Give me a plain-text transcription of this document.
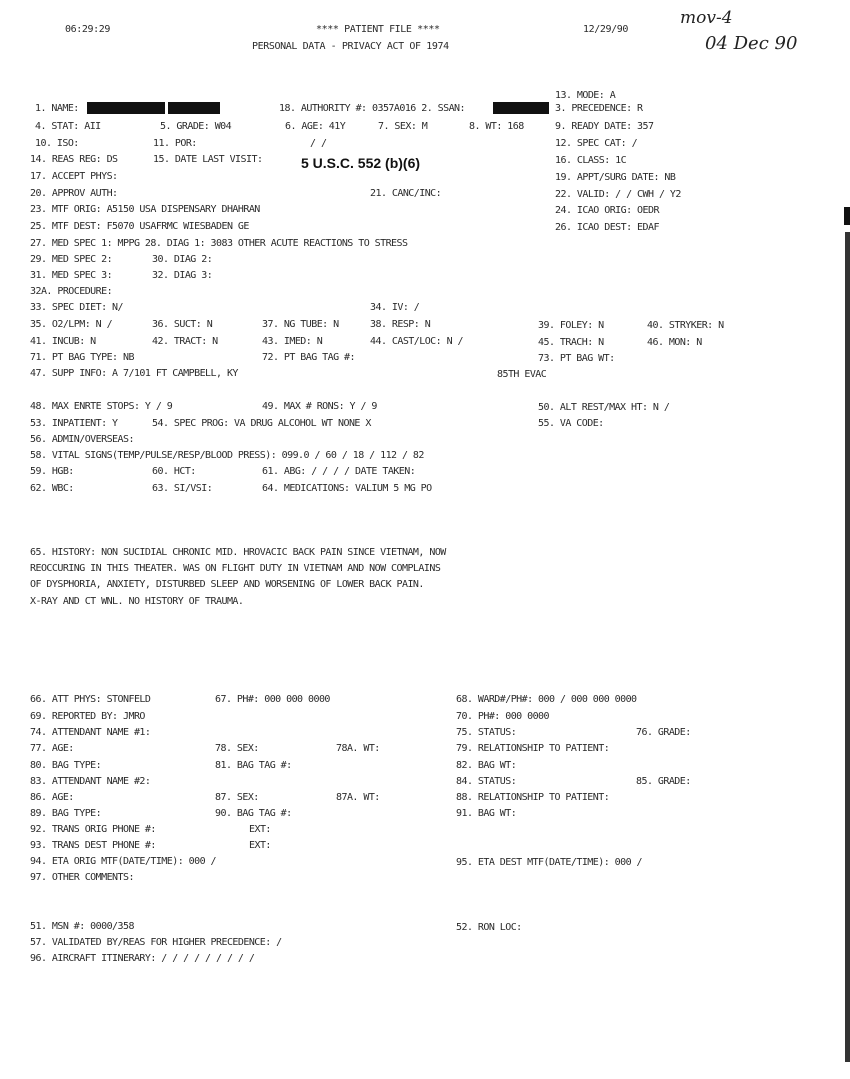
06:29:29	**** PATIENT FILE ****
PERSONAL DATA - PRIVACY ACT OF 1974
12/29/90
mov-4
04 Dec 90
13. MODE: A
1. NAME:	18. AUTHORITY #: 0357A016 2. SSAN:	3. PRECEDENCE: R
4. STAT: AII	5. GRADE: W04	6. AGE: 41Y	7. SEX: M	8. WT: 168	9. READY DATE: 357
10. ISO:	11. POR:	/ /	12. SPEC CAT: /
14. REAS REG: DS	15. DATE LAST VISIT:	5 U.S.C. 552 (b)(6)	16. CLASS: 1C
17. ACCEPT PHYS:	19. APPT/SURG DATE: NB
20. APPROV AUTH:	21. CANC/INC:	22. VALID: / / CWH / Y2
23. MTF ORIG: A5150 USA DISPENSARY DHAHRAN	24. ICAO ORIG: OEDR
25. MTF DEST: F5070 USAFRMC WIESBADEN GE	26. ICAO DEST: EDAF
27. MED SPEC 1: MPPG 28. DIAG 1: 3083 OTHER ACUTE REACTIONS TO STRESS
29. MED SPEC 2:	30. DIAG 2:
31. MED SPEC 3:	32. DIAG 3:
32A. PROCEDURE:
33. SPEC DIET: N/	34. IV: /
35. O2/LPM: N /	36. SUCT: N	37. NG TUBE: N	38. RESP: N	39. FOLEY: N	40. STRYKER: N
41. INCUB: N	42. TRACT: N	43. IMED: N	44. CAST/LOC: N /	45. TRACH: N	46. MON: N
71. PT BAG TYPE: NB	72. PT BAG TAG #:	73. PT BAG WT:
47. SUPP INFO: A 7/101 FT CAMPBELL, KY	85TH EVAC
48. MAX ENRTE STOPS: Y / 9	49. MAX # RONS: Y / 9	50. ALT REST/MAX HT: N /
53. INPATIENT: Y	54. SPEC PROG: VA DRUG ALCOHOL WT NONE X	55. VA CODE:
56. ADMIN/OVERSEAS:
58. VITAL SIGNS(TEMP/PULSE/RESP/BLOOD PRESS): 099.0 / 60 / 18 / 112 / 82
59. HGB:	60. HCT:	61. ABG: / / / / DATE TAKEN:
62. WBC:	63. SI/VSI:	64. MEDICATIONS: VALIUM 5 MG PO
65. HISTORY: NON SUCIDIAL CHRONIC MID. HROVACIC BACK PAIN SINCE VIETNAM, NOW
REOCCURING IN THIS THEATER. WAS ON FLIGHT DUTY IN VIETNAM AND NOW COMPLAINS
OF DYSPHORIA, ANXIETY, DISTURBED SLEEP AND WORSENING OF LOWER BACK PAIN.
X-RAY AND CT WNL. NO HISTORY OF TRAUMA.
66. ATT PHYS: STONFELD	67. PH#: 000 000 0000	68. WARD#/PH#: 000 / 000 000 0000
69. REPORTED BY: JMRO	70. PH#: 000 0000
74. ATTENDANT NAME #1:	75. STATUS:	76. GRADE:
77. AGE:	78. SEX:	78A. WT:	79. RELATIONSHIP TO PATIENT:
80. BAG TYPE:	81. BAG TAG #:	82. BAG WT:
83. ATTENDANT NAME #2:	84. STATUS:	85. GRADE:
86. AGE:	87. SEX:	87A. WT:	88. RELATIONSHIP TO PATIENT:
89. BAG TYPE:	90. BAG TAG #:	91. BAG WT:
92. TRANS ORIG PHONE #:	EXT:
93. TRANS DEST PHONE #:	EXT:
94. ETA ORIG MTF(DATE/TIME): 000 /	95. ETA DEST MTF(DATE/TIME): 000 /
97. OTHER COMMENTS:
51. MSN #: 0000/358	52. RON LOC:
57. VALIDATED BY/REAS FOR HIGHER PRECEDENCE: /
96. AIRCRAFT ITINERARY: / / / / / / / / /
